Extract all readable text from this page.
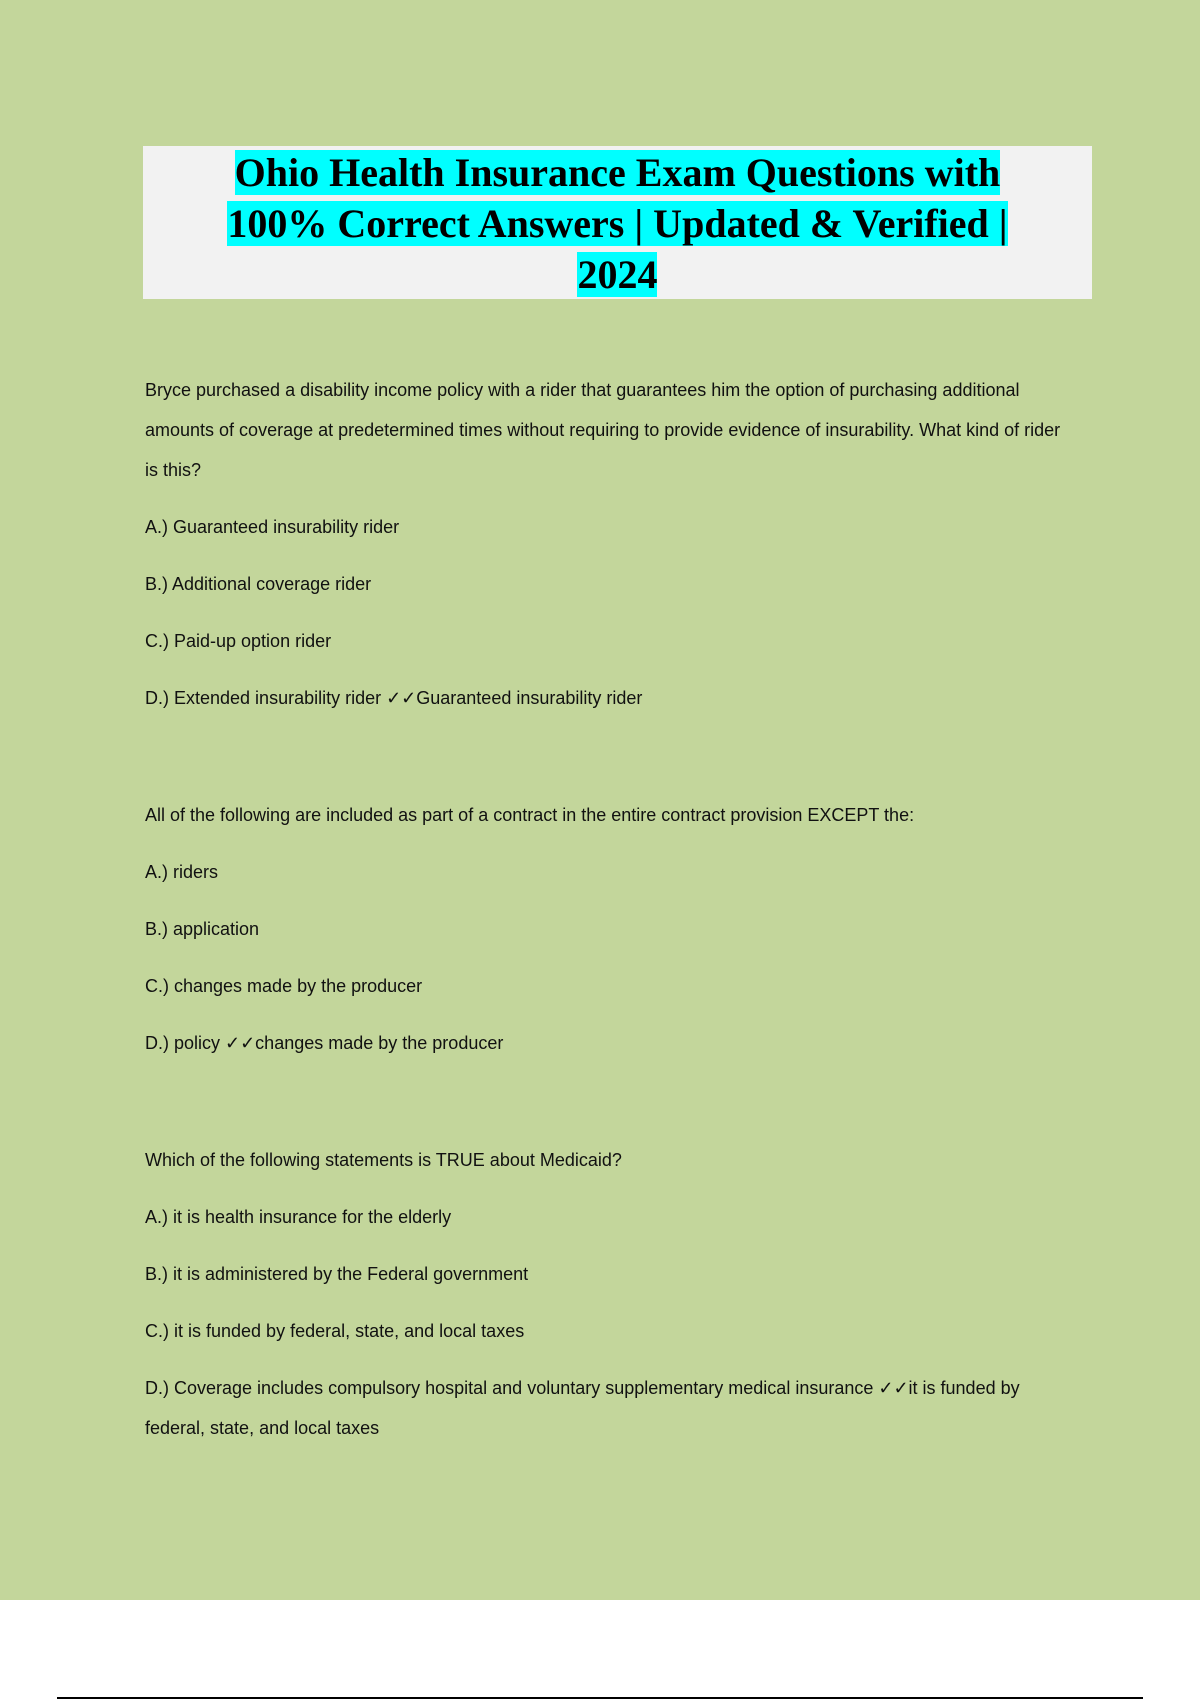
Ohio Health Insurance Exam Questions with
100% Correct Answers | Updated & Verified |
2024

Bryce purchased a disability income policy with a rider that guarantees him the option of purchasing additional amounts of coverage at predetermined times without requiring to provide evidence of insurability. What kind of rider is this?

A.) Guaranteed insurability rider

B.) Additional coverage rider

C.) Paid-up option rider

D.) Extended insurability rider ✓✓Guaranteed insurability rider

All of the following are included as part of a contract in the entire contract provision EXCEPT the:

A.) riders

B.) application

C.) changes made by the producer

D.) policy ✓✓changes made by the producer

Which of the following statements is TRUE about Medicaid?

A.) it is health insurance for the elderly

B.) it is administered by the Federal government

C.) it is funded by federal, state, and local taxes

D.) Coverage includes compulsory hospital and voluntary supplementary medical insurance ✓✓it is funded by federal, state, and local taxes
